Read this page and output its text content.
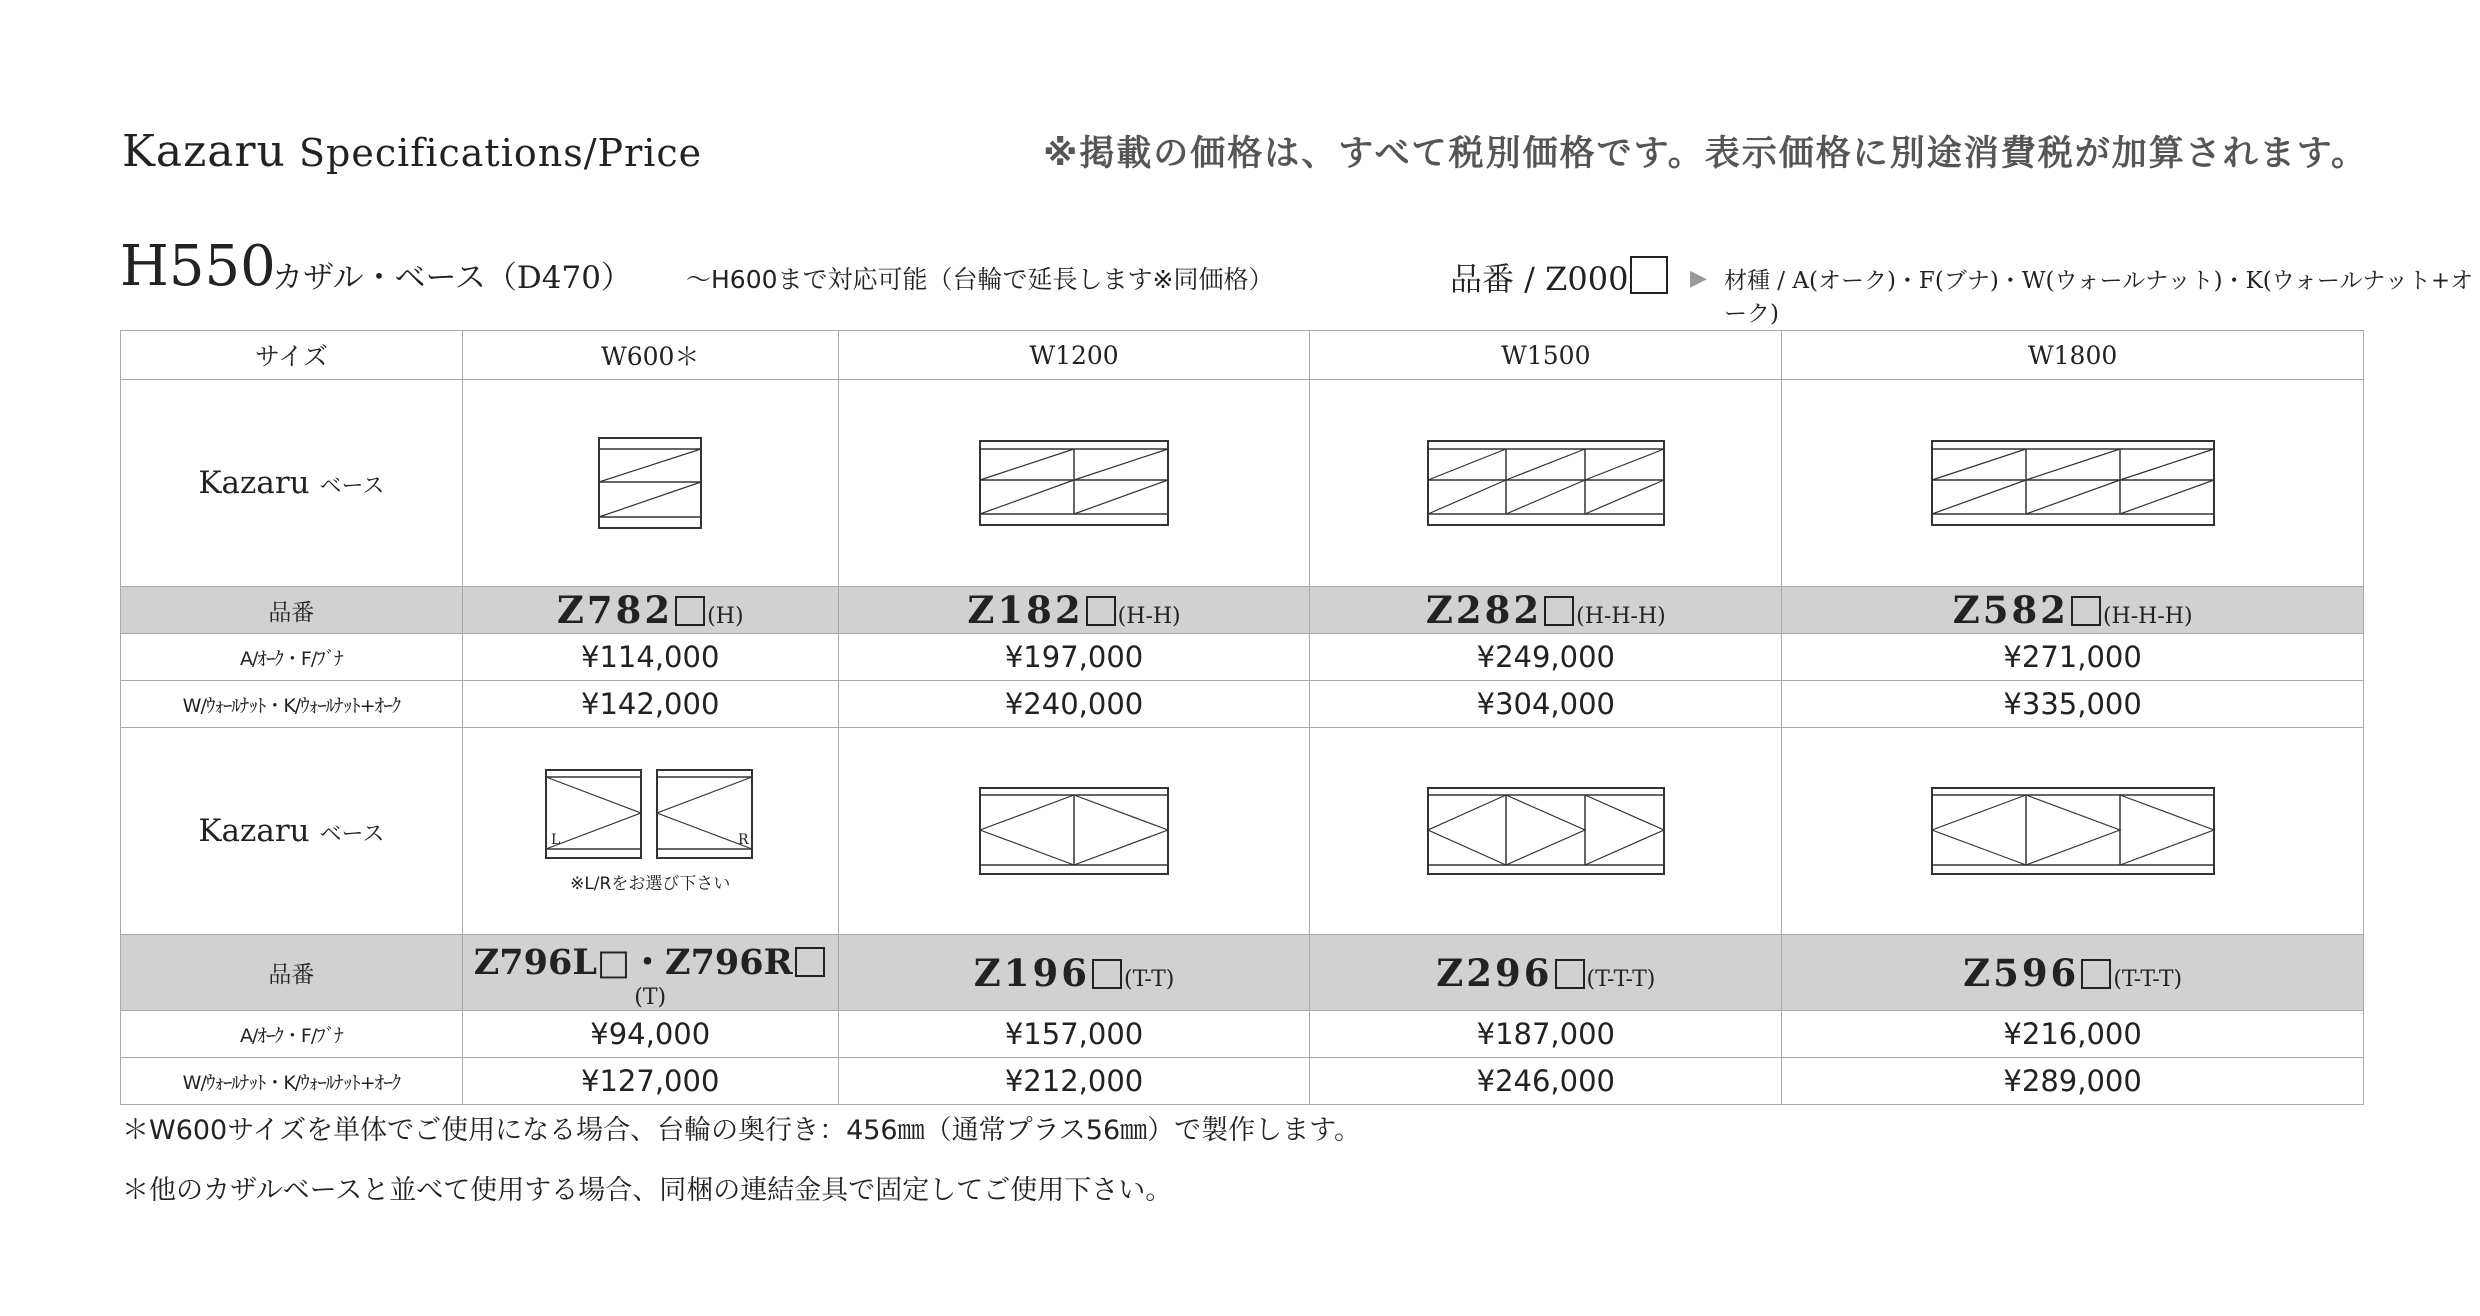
Kazaru Specifications/Price	※掲載の価格は、すべて税別価格です。表示価格に別途消費税が加算されます。
H550
カザル・ベース（D470） 〜H600まで対応可能（台輪で延長します※同価格）	品番 / Z000	▶ 材種 / A(オーク)・F(ブナ)・W(ウォールナット)・K(ウォールナット+オーク)
サイズ	W600＊	W1200	W1500	W1800
Kazaru ベース	

品番	Z782 (H)	Z182 (H-H)	Z282 (H-H-H)	Z582 (H-H-H)
A/ｵｰｸ・F/ﾌﾞﾅ	¥114,000	¥197,000	¥249,000	¥271,000
W/ｳｫｰﾙﾅｯﾄ・K/ｳｫｰﾙﾅｯﾄ+ｵｰｸ	¥142,000	¥240,000	¥304,000	¥335,000
Kazaru ベース	L R
※L/Rをお選び下さい

品番	Z796L□・Z796R(T)	Z196 (T-T)	Z296 (T-T-T)	Z596 (T-T-T)
A/ｵｰｸ・F/ﾌﾞﾅ	¥94,000	¥157,000	¥187,000	¥216,000
W/ｳｫｰﾙﾅｯﾄ・K/ｳｫｰﾙﾅｯﾄ+ｵｰｸ	¥127,000	¥212,000	¥246,000	¥289,000
＊W600サイズを単体でご使用になる場合、台輪の奥行き：456㎜（通常プラス56㎜）で製作します。
＊他のカザルベースと並べて使用する場合、同梱の連結金具で固定してご使用下さい。
